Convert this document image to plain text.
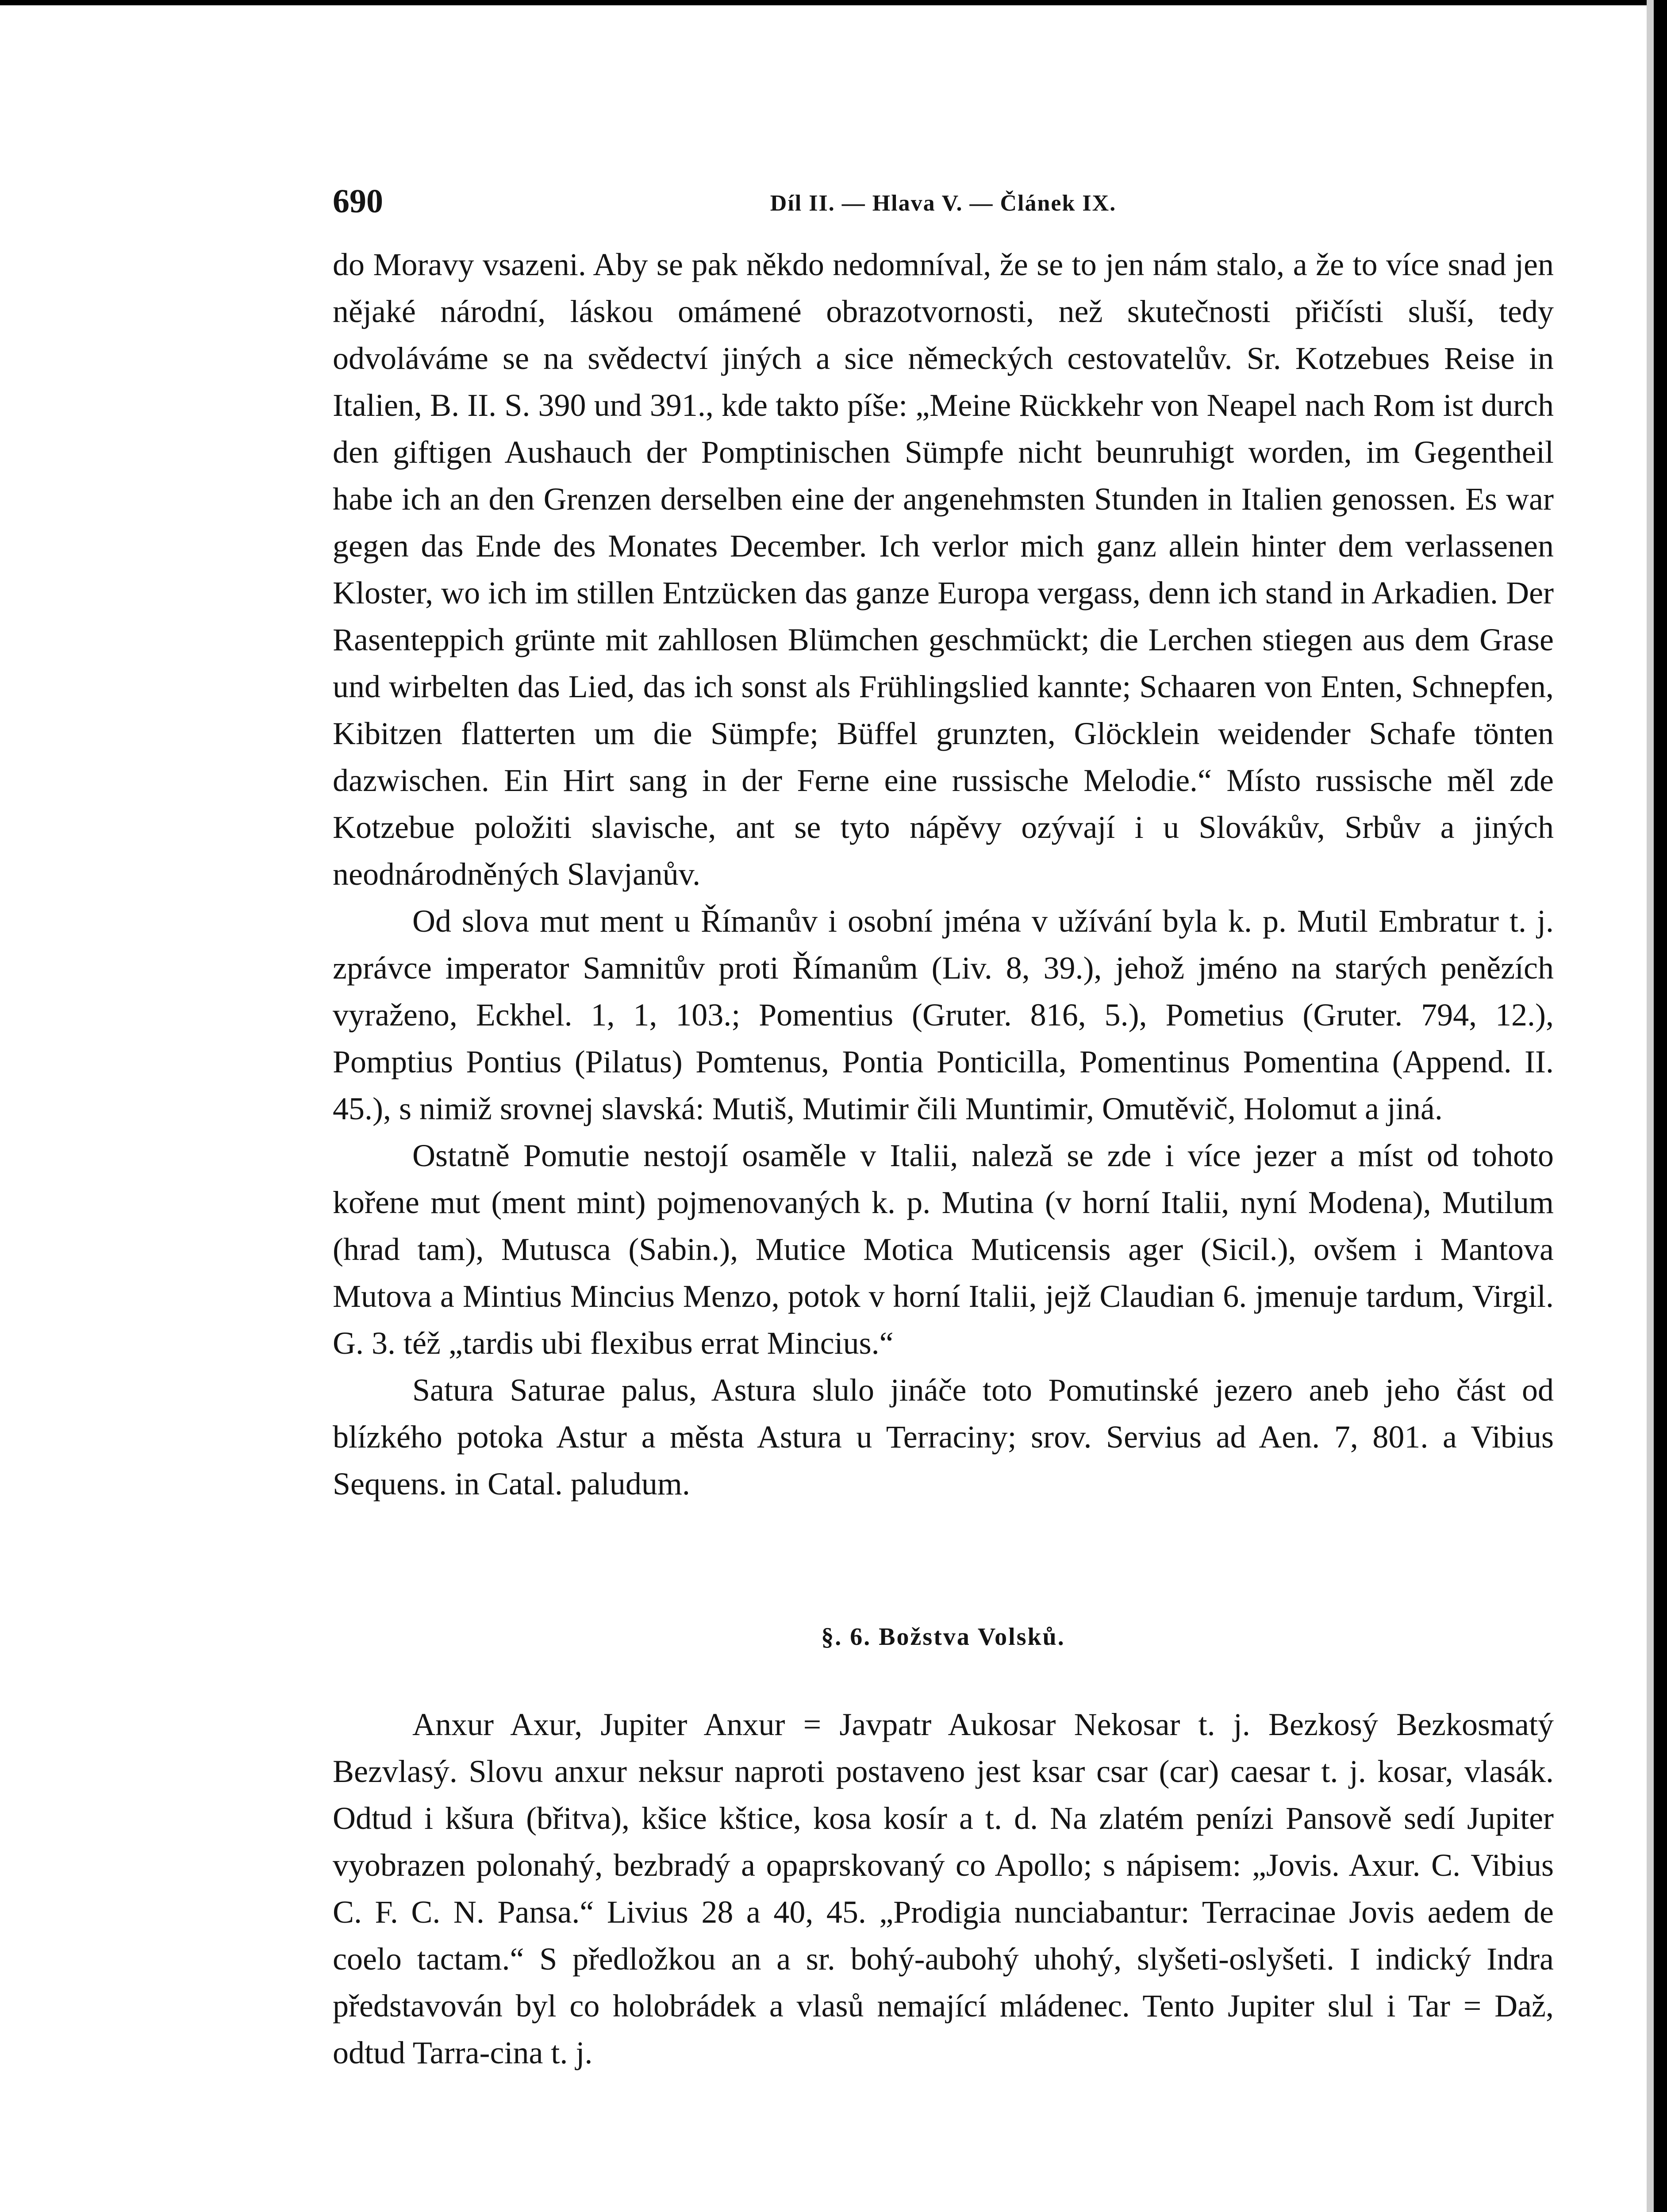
690	Díl II. — Hlava V. — Článek IX.

do Moravy vsazeni. Aby se pak někdo nedomníval, že se to jen nám stalo, a že to více snad jen nějaké národní, láskou omámené obrazotvornosti, než skutečnosti přičísti sluší, tedy odvoláváme se na svědectví jiných a sice německých cestovatelův. Sr. Kotzebues Reise in Italien, B. II. S. 390 und 391., kde takto píše: „Meine Rückkehr von Neapel nach Rom ist durch den giftigen Aushauch der Pomptinischen Sümpfe nicht beunruhigt worden, im Gegentheil habe ich an den Grenzen derselben eine der angenehmsten Stunden in Italien genossen. Es war gegen das Ende des Monates December. Ich verlor mich ganz allein hinter dem verlassenen Kloster, wo ich im stillen Entzücken das ganze Europa vergass, denn ich stand in Arkadien. Der Rasenteppich grünte mit zahllosen Blümchen geschmückt; die Lerchen stiegen aus dem Grase und wirbelten das Lied, das ich sonst als Frühlingslied kannte; Schaaren von Enten, Schnepfen, Kibitzen flatterten um die Sümpfe; Büffel grunzten, Glöcklein weidender Schafe tönten dazwischen. Ein Hirt sang in der Ferne eine russische Melodie.“ Místo russische měl zde Kotzebue položiti slavische, ant se tyto nápěvy ozývají i u Slovákův, Srbův a jiných neodnárodněných Slavjanův.

Od slova mut ment u Římanův i osobní jména v užívání byla k. p. Mutil Embratur t. j. zprávce imperator Samnitův proti Římanům (Liv. 8, 39.), jehož jméno na starých penězích vyraženo, Eckhel. 1, 1, 103.; Pomentius (Gruter. 816, 5.), Pometius (Gruter. 794, 12.), Pomptius Pontius (Pilatus) Pomtenus, Pontia Ponticilla, Pomentinus Pomentina (Append. II. 45.), s nimiž srovnej slavská: Mutiš, Mutimir čili Muntimir, Omutěvič, Holomut a jiná.

Ostatně Pomutie nestojí osaměle v Italii, naleză se zde i více jezer a míst od tohoto kořene mut (ment mint) pojmenovaných k. p. Mutina (v horní Italii, nyní Modena), Mutilum (hrad tam), Mutusca (Sabin.), Mutice Motica Muticensis ager (Sicil.), ovšem i Mantova Mutova a Mintius Mincius Menzo, potok v horní Italii, jejž Claudian 6. jmenuje tardum, Virgil. G. 3. též „tardis ubi flexibus errat Mincius.“

Satura Saturae palus, Astura slulo jináče toto Pomutinské jezero aneb jeho část od blízkého potoka Astur a města Astura u Terraciny; srov. Servius ad Aen. 7, 801. a Vibius Sequens. in Catal. paludum.

§. 6. Božstva Volsků.

Anxur Axur, Jupiter Anxur = Javpatr Aukosar Nekosar t. j. Bezkosý Bezkosmatý Bezvlasý. Slovu anxur neksur naproti postaveno jest ksar csar (car) caesar t. j. kosar, vlasák. Odtud i kšura (břitva), kšice kštice, kosa kosír a t. d. Na zlatém penízi Pansově sedí Jupiter vyobrazen polonahý, bezbradý a opaprskovaný co Apollo; s nápisem: „Jovis. Axur. C. Vibius C. F. C. N. Pansa.“ Livius 28 a 40, 45. „Prodigia nunciabantur: Terracinae Jovis aedem de coelo tactam.“ S předložkou an a sr. bohý-aubohý uhohý, slyšeti-oslyšeti. I indický Indra představován byl co holobrádek a vlasů nemající mládenec. Tento Jupiter slul i Tar = Daž, odtud Tarra-cina t. j.
